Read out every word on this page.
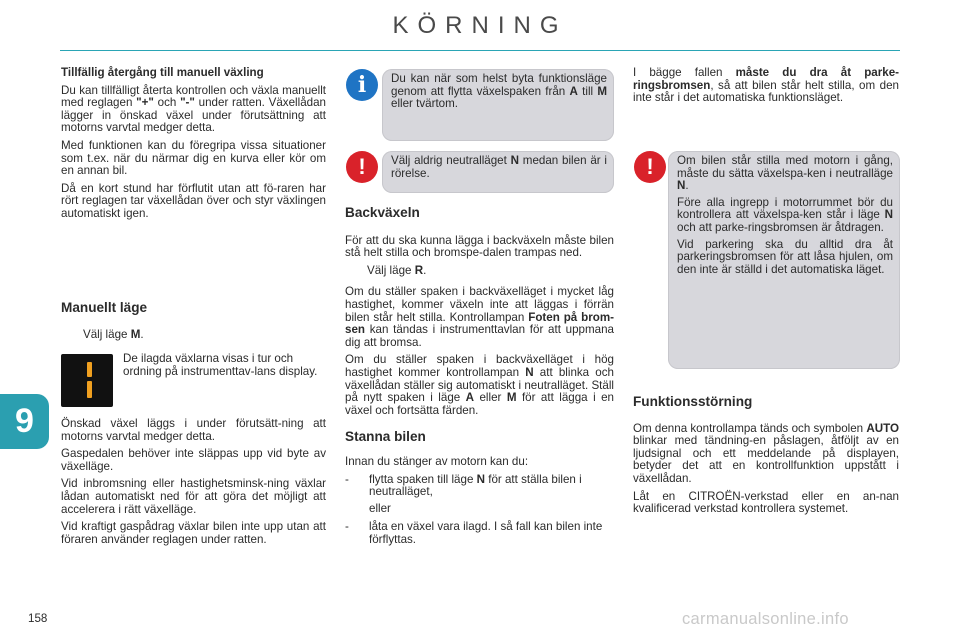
KÖRNING
Tillfällig återgång till manuell växling

Du kan tillfälligt återta kontrollen och växla manuellt med reglagen "+" och "-" under ratten. Växellådan lägger in önskad växel under förutsättning att motorns varvtal medger detta.

Med funktionen kan du föregripa vissa situationer som t.ex. när du närmar dig en kurva eller kör om en annan bil.

Då en kort stund har förflutit utan att fö-raren har rört reglagen tar växellådan över och styr växlingen automatiskt igen.

Manuellt läge
Välj läge M.

De ilagda växlarna visas i tur och ordning på instrumenttav-lans display.

Önskad växel läggs i under förutsätt-ning att motorns varvtal medger detta.

Gaspedalen behöver inte släppas upp vid byte av växelläge.

Vid inbromsning eller hastighetsminsk-ning växlar lådan automatiskt ned för att göra det möjligt att accelerera i rätt växelläge.

Vid kraftigt gaspådrag växlar bilen inte upp utan att föraren använder reglagen under ratten.

i	Du kan när som helst byta funktionsläge genom att flytta växelspaken från A till M eller tvärtom.

!	Välj aldrig neutralläget N medan bilen är i rörelse.

Backväxeln

För att du ska kunna lägga i backväxeln måste bilen stå helt stilla och bromspe-dalen trampas ned.

Välj läge R.

Om du ställer spaken i backväxelläget i mycket låg hastighet, kommer växeln inte att läggas i förrän bilen står helt stilla. Kontrollampan Foten på brom-sen kan tändas i instrumenttavlan för att uppmana dig att bromsa.

Om du ställer spaken i backväxelläget i hög hastighet kommer kontrollampan N att blinka och växellådan ställer sig automatiskt i neutralläget. Ställ på nytt spaken i läge A eller M för att lägga i en växel och fortsätta färden.

Stanna bilen

Innan du stänger av motorn kan du:

-	flytta spaken till läge N för att ställa bilen i neutralläget,
eller
-	låta en växel vara ilagd. I så fall kan bilen inte förflyttas.

I bägge fallen måste du dra åt parke-ringsbromsen, så att bilen står helt stilla, om den inte står i det automatiska funktionsläget.

!	Om bilen står stilla med motorn i gång, måste du sätta växelspa-ken i neutralläge N.

Före alla ingrepp i motorrummet bör du kontrollera att växelspa-ken står i läge N och att parke-ringsbromsen är åtdragen.

Vid parkering ska du alltid dra åt parkeringsbromsen för att låsa hjulen, om den inte är ställd i det automatiska läget.

Funktionsstörning

Om denna kontrollampa tänds och symbolen AUTO blinkar med tändning-en påslagen, åtföljt av en ljudsignal och ett meddelande på displayen, betyder det att en kontrollfunktion uppstått i växellådan.

Låt en CITROËN-verkstad eller en an-nan kvalificerad verkstad kontrollera systemet.

9
158	carmanualsonline.info
